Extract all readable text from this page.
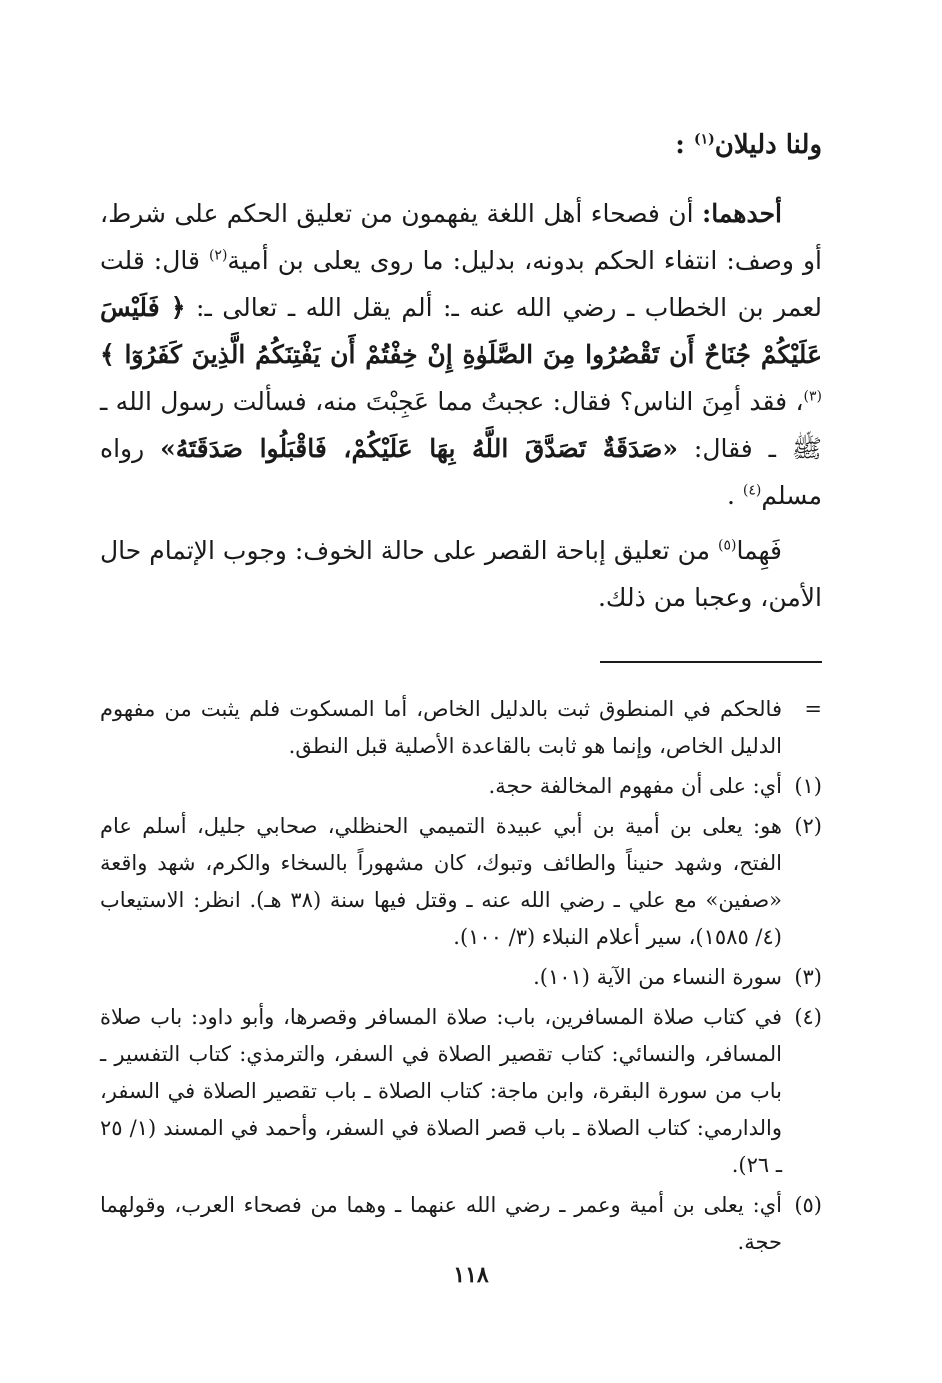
ولنا دليلان$^{(١)}$ :

أحدهما: أن فصحاء أهل اللغة يفهمون من تعليق الحكم على شرط، أو وصف: انتفاء الحكم بدونه، بدليل: ما روى يعلى بن أمية$^{(٢)}$ قال: قلت لعمر بن الخطاب ـ رضي الله عنه ـ: ألم يقل الله ـ تعالى ـ: ﴿ فَلَيْسَ عَلَيْكُمْ جُنَاحٌ أَن تَقْصُرُوا مِنَ الصَّلَوٰةِ إِنْ خِفْتُمْ أَن يَفْتِنَكُمُ الَّذِينَ كَفَرُوٓا ﴾$^{(٣)}$، فقد أمِنَ الناس؟ فقال: عجبتُ مما عَجِبْتَ منه، فسألت رسول الله ـ ﷺ ـ فقال: «صَدَقَةٌ تَصَدَّقَ اللَّهُ بِهَا عَلَيْكُمْ، فَاقْبَلُوا صَدَقَتَهُ» رواه مسلم$^{(٤)}$ .

فَهِما$^{(٥)}$ من تعليق إباحة القصر على حالة الخوف: وجوب الإتمام حال الأمن، وعجبا من ذلك.

=
فالحكم في المنطوق ثبت بالدليل الخاص، أما المسكوت فلم يثبت من مفهوم الدليل الخاص، وإنما هو ثابت بالقاعدة الأصلية قبل النطق.
(١)
أي: على أن مفهوم المخالفة حجة.
(٢)
هو: يعلى بن أمية بن أبي عبيدة التميمي الحنظلي، صحابي جليل، أسلم عام الفتح، وشهد حنيناً والطائف وتبوك، كان مشهوراً بالسخاء والكرم، شهد واقعة «صفين» مع علي ـ رضي الله عنه ـ وقتل فيها سنة (٣٨ هـ). انظر: الاستيعاب (٤/ ١٥٨٥)، سير أعلام النبلاء (٣/ ١٠٠).
(٣)
سورة النساء من الآية (١٠١).
(٤)
في كتاب صلاة المسافرين، باب: صلاة المسافر وقصرها، وأبو داود: باب صلاة المسافر، والنسائي: كتاب تقصير الصلاة في السفر، والترمذي: كتاب التفسير ـ باب من سورة البقرة، وابن ماجة: كتاب الصلاة ـ باب تقصير الصلاة في السفر، والدارمي: كتاب الصلاة ـ باب قصر الصلاة في السفر، وأحمد في المسند (١/ ٢٥ ـ ٢٦).
(٥)
أي: يعلى بن أمية وعمر ـ رضي الله عنهما ـ وهما من فصحاء العرب، وقولهما حجة.
١١٨
